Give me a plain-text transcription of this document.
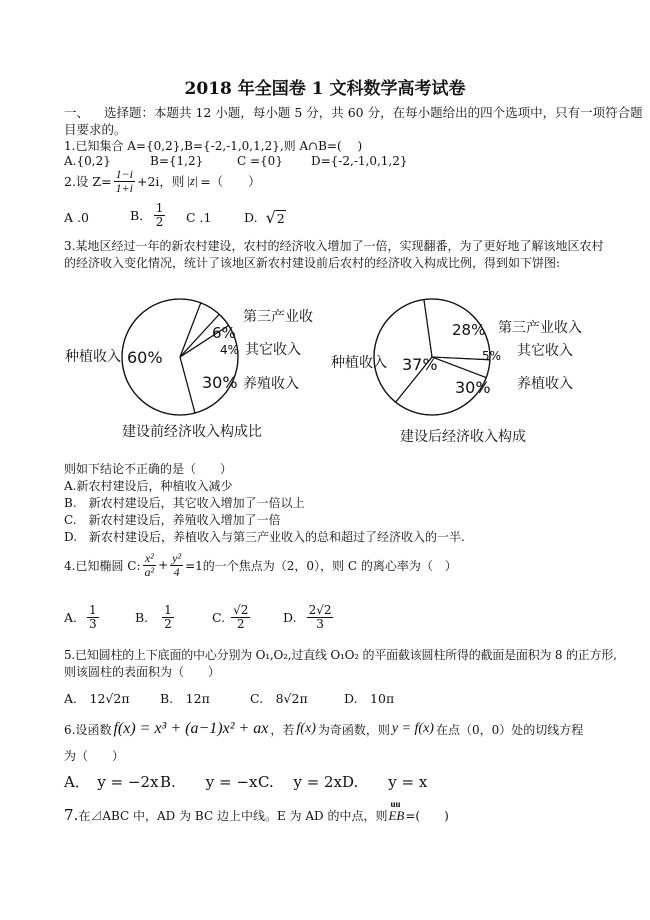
2018 年全国卷 1 文科数学高考试卷
一、 选择题：本题共 12 小题，每小题 5 分，共 60 分，在每小题给出的四个选项中，只有一项符合题
目要求的。
1.已知集合 A={0,2},B={-2,-1,0,1,2},则 A∩B=(　 )
A.{0,2}	B={1,2}	C ={0} D={-2,-1,0,1,2}
2.设 $Z= \frac{1-i}{1+i} +2i$，则 |z| =（　　）
A .0	B． $\frac{1}{2}$ C .1	D. √ 2
3.某地区经过一年的新农村建设，农村的经济收入增加了一倍，实现翻番，为了更好地了解该地区农村
的经济收入变化情况，统计了该地区新农村建设前后农村的经济收入构成比例，得到如下饼图:
60%
6%
4%
30%
种植收入
第三产业收
其它收入
养殖收入
建设前经济收入构成比
37%
28%
5%
30%
种植收入
第三产业收入
其它收入
养植收入
建设后经济收入构成
则如下结论不正确的是（　　）
A.新农村建设后，种植收入减少
B.　新农村建设后，其它收入增加了一倍以上
C.　新农村建设后，养殖收入增加了一倍
D.　新农村建设后，养植收入与第三产业收入的总和超过了经济收入的一半.
4.已知椭圆 C: $\frac{\text{x²}}{\text{a²}} + \frac{\text{y²}}{4} =1$的一个焦点为（2，0），则 C 的离心率为（　）
A. $\frac{1}{3}$	B. $\frac{1}{2}$	C. $\frac{√2}{2}$	D. $\frac{2√2}{3}$
5.已知圆柱的上下底面的中心分别为 O₁,O₂,过直线 O₁O₂ 的平面截该圆柱所得的截面是面积为 8 的正方形,
则该圆柱的表面积为（　　）
A.　12√2π B.　12π	C.　8√2π	D.　10π
6.设函数 f(x) = x³ + (a−1)x² + ax ，若 f(x) 为奇函数，则 y = f(x) 在点（0，0）处的切线方程
为（　　）
A．　y = −2x B.　　y = −x C.　 y = 2x D.　　y = x
7. 在⊿ABC 中，AD 为 BC 边上中线。E 为 AD 的中点，则
uu
EB =(　　)
